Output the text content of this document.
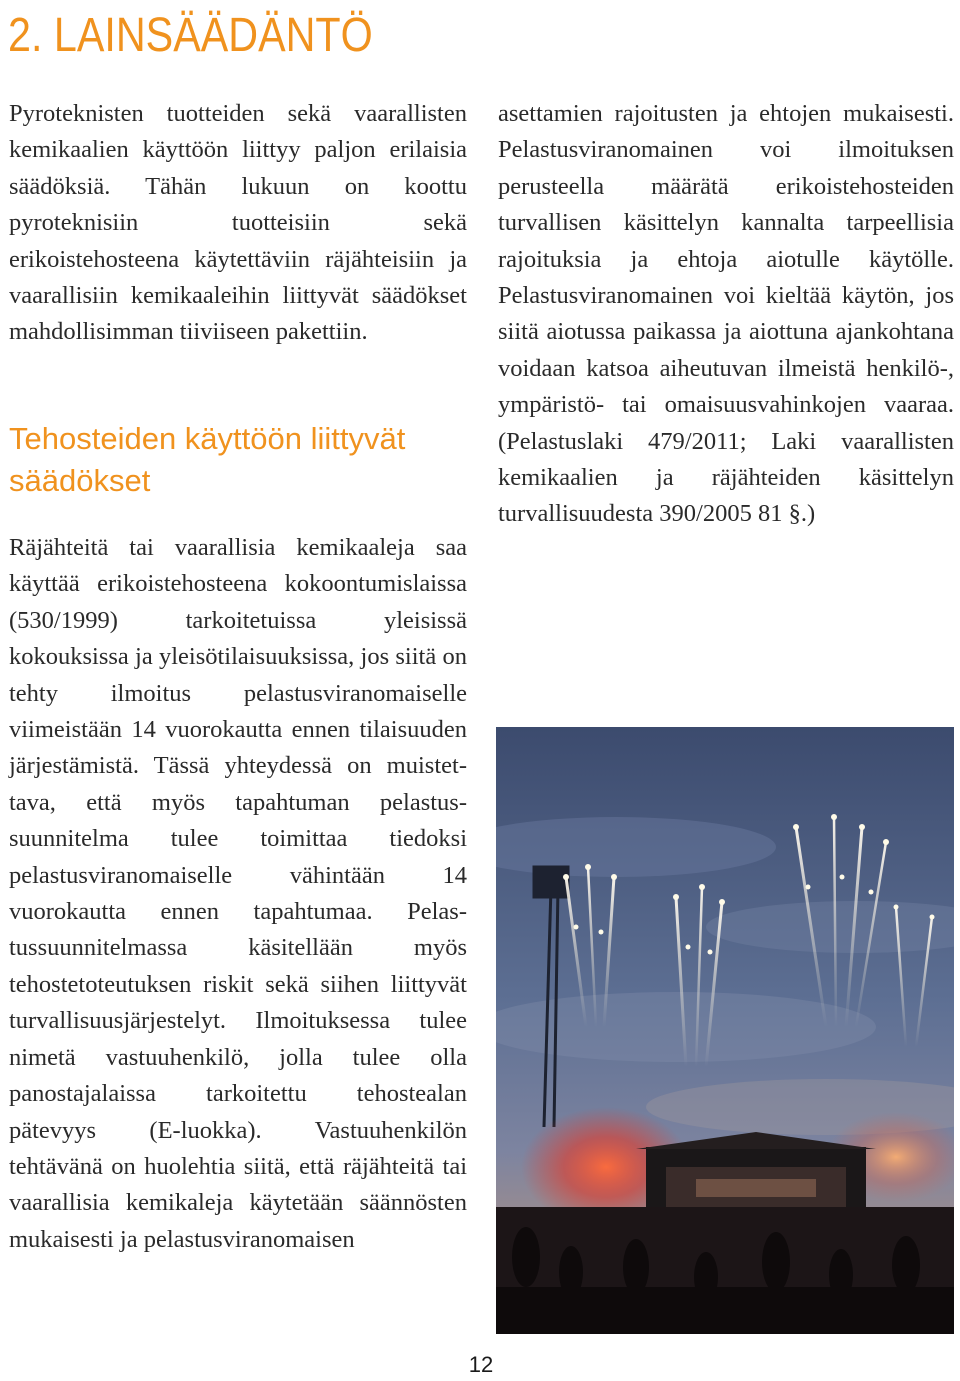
2. LAINSÄÄDÄNTÖ

Pyroteknisten tuotteiden sekä vaarallisten kemikaalien käyttöön liittyy paljon erilaisia säädöksiä. Tähän lukuun on koottu pyroteknisiin tuotteisiin sekä erikoistehosteena käytettäviin räjähteisiin ja vaarallisiin kemikaaleihin liittyvät säädökset mahdollisimman tiiviiseen pakettiin.

Tehosteiden käyttöön liittyvät säädökset

Räjähteitä tai vaarallisia kemikaaleja saa käyttää erikoistehosteena kokoontumislaissa (530/1999) tarkoitetuissa yleisissä kokouksissa ja yleisötilaisuuksissa, jos siitä on tehty ilmoitus pelastusviranomaiselle viimeistään 14 vuorokautta ennen tilaisuuden järjestämistä. Tässä yhteydessä on muistettava, että myös tapahtuman pelastussuunnitelma tulee toimittaa tiedoksi pelastusviranomaiselle vähintään 14 vuorokautta ennen tapahtumaa. Pelastussuunnitelmassa käsitellään myös tehostetoteutuksen riskit sekä siihen liittyvät turvallisuusjärjestelyt. Ilmoituksessa tulee nimetä vastuuhenkilö, jolla tulee olla panostajalaissa tarkoitettu tehostealan pätevyys (E-luokka). Vastuuhenkilön tehtävänä on huolehtia siitä, että räjähteitä tai vaarallisia kemikaleja käytetään säännösten mukaisesti ja pelastusviranomaisen

asettamien rajoitusten ja ehtojen mukaisesti. Pelastusviranomainen voi ilmoituksen perusteella määrätä erikoistehosteiden turvallisen käsittelyn kannalta tarpeellisia rajoituksia ja ehtoja aiotulle käytölle. Pelastusviranomainen voi kieltää käytön, jos siitä aiotussa paikassa ja aiottuna ajankohtana voidaan katsoa aiheutuvan ilmeistä henkilö-, ympäristö- tai omaisuusvahinkojen vaaraa. (Pelastuslaki 479/2011; Laki vaarallisten kemikaalien ja räjähteiden käsittelyn turvallisuudesta 390/2005 81 §.)

12
